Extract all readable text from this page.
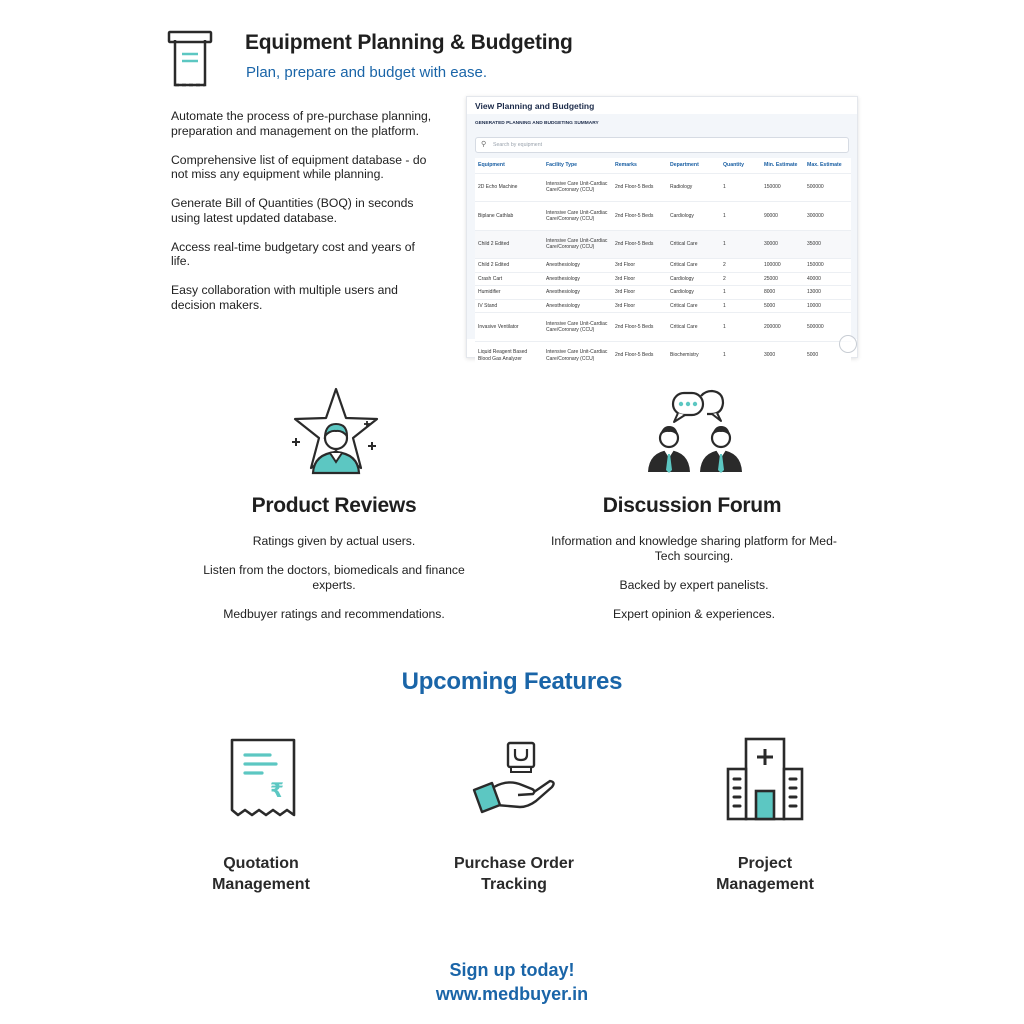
Equipment Planning & Budgeting
Plan, prepare and budget with ease.

Automate the process of pre-purchase planning, preparation and management on the platform.

Comprehensive list of equipment database - do not miss any equipment while planning.

Generate Bill of Quantities (BOQ) in seconds using latest updated database.

Access real-time budgetary cost and years of life.

Easy collaboration with multiple users and decision makers.

View Planning and Budgeting
GENERATED PLANNING AND BUDGETING SUMMARY
⚲ Search by equipment
Equipment	Facility Type	Remarks	Department	Quantity	Min. Estimate	Max. Estimate
2D Echo Machine	Intensive Care Unit-Cardiac Care/Coronary (CCU)	2nd Floor-5 Beds	Radiology	1	150000	500000
Biplane Cathlab	Intensive Care Unit-Cardiac Care/Coronary (CCU)	2nd Floor-5 Beds	Cardiology	1	90000	300000
Child 2 Edited	Intensive Care Unit-Cardiac Care/Coronary (CCU)	2nd Floor-5 Beds	Critical Care	1	30000	35000
Child 2 Edited	Anesthesiology	3rd Floor	Critical Care	2	100000	150000
Crash Cart	Anesthesiology	3rd Floor	Cardiology	2	25000	40000
Humidifier	Anesthesiology	3rd Floor	Cardiology	1	8000	13000
IV Stand	Anesthesiology	3rd Floor	Critical Care	1	5000	10000
Invasive Ventilator	Intensive Care Unit-Cardiac Care/Coronary (CCU)	2nd Floor-5 Beds	Critical Care	1	200000	500000
Liquid Reagent Based Blood Gas Analyzer	Intensive Care Unit-Cardiac Care/Coronary (CCU)	2nd Floor-5 Beds	Biochemistry	1	3000	5000
Product Reviews

Ratings given by actual users.

Listen from the doctors, biomedicals and finance experts.

Medbuyer ratings and recommendations.

Discussion Forum

Information and knowledge sharing platform for Med-Tech sourcing.

Backed by expert panelists.

Expert opinion & experiences.

Upcoming Features
₹
Quotation Management
Purchase Order Tracking
Project Management
Sign up today!
www.medbuyer.in
